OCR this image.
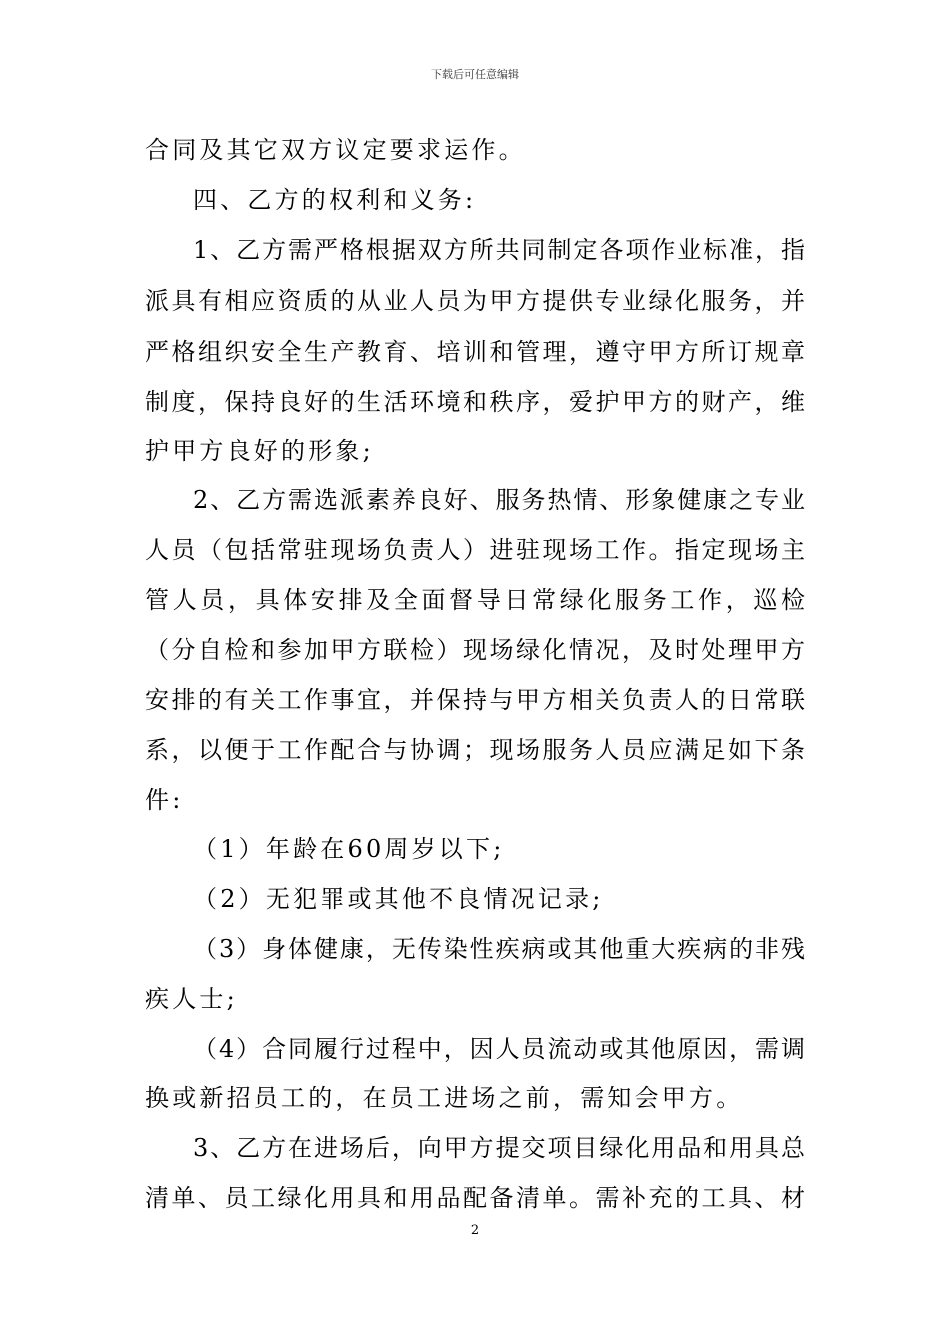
下载后可任意编辑
合同及其它双方议定要求运作。
四、乙方的权利和义务:
1、乙方需严格根据双方所共同制定各项作业标准，指
派具有相应资质的从业人员为甲方提供专业绿化服务，并
严格组织安全生产教育、培训和管理，遵守甲方所订规章
制度，保持良好的生活环境和秩序，爱护甲方的财产，维
护甲方良好的形象;
2、乙方需选派素养良好、服务热情、形象健康之专业
人员（包括常驻现场负责人）进驻现场工作。指定现场主
管人员，具体安排及全面督导日常绿化服务工作，巡检
（分自检和参加甲方联检）现场绿化情况，及时处理甲方
安排的有关工作事宜，并保持与甲方相关负责人的日常联
系，以便于工作配合与协调；现场服务人员应满足如下条
件:
（1）年龄在60周岁以下;
（2）无犯罪或其他不良情况记录;
（3）身体健康，无传染性疾病或其他重大疾病的非残
疾人士;
（4）合同履行过程中，因人员流动或其他原因，需调
换或新招员工的，在员工进场之前，需知会甲方。
3、乙方在进场后，向甲方提交项目绿化用品和用具总
清单、员工绿化用具和用品配备清单。需补充的工具、材
2
